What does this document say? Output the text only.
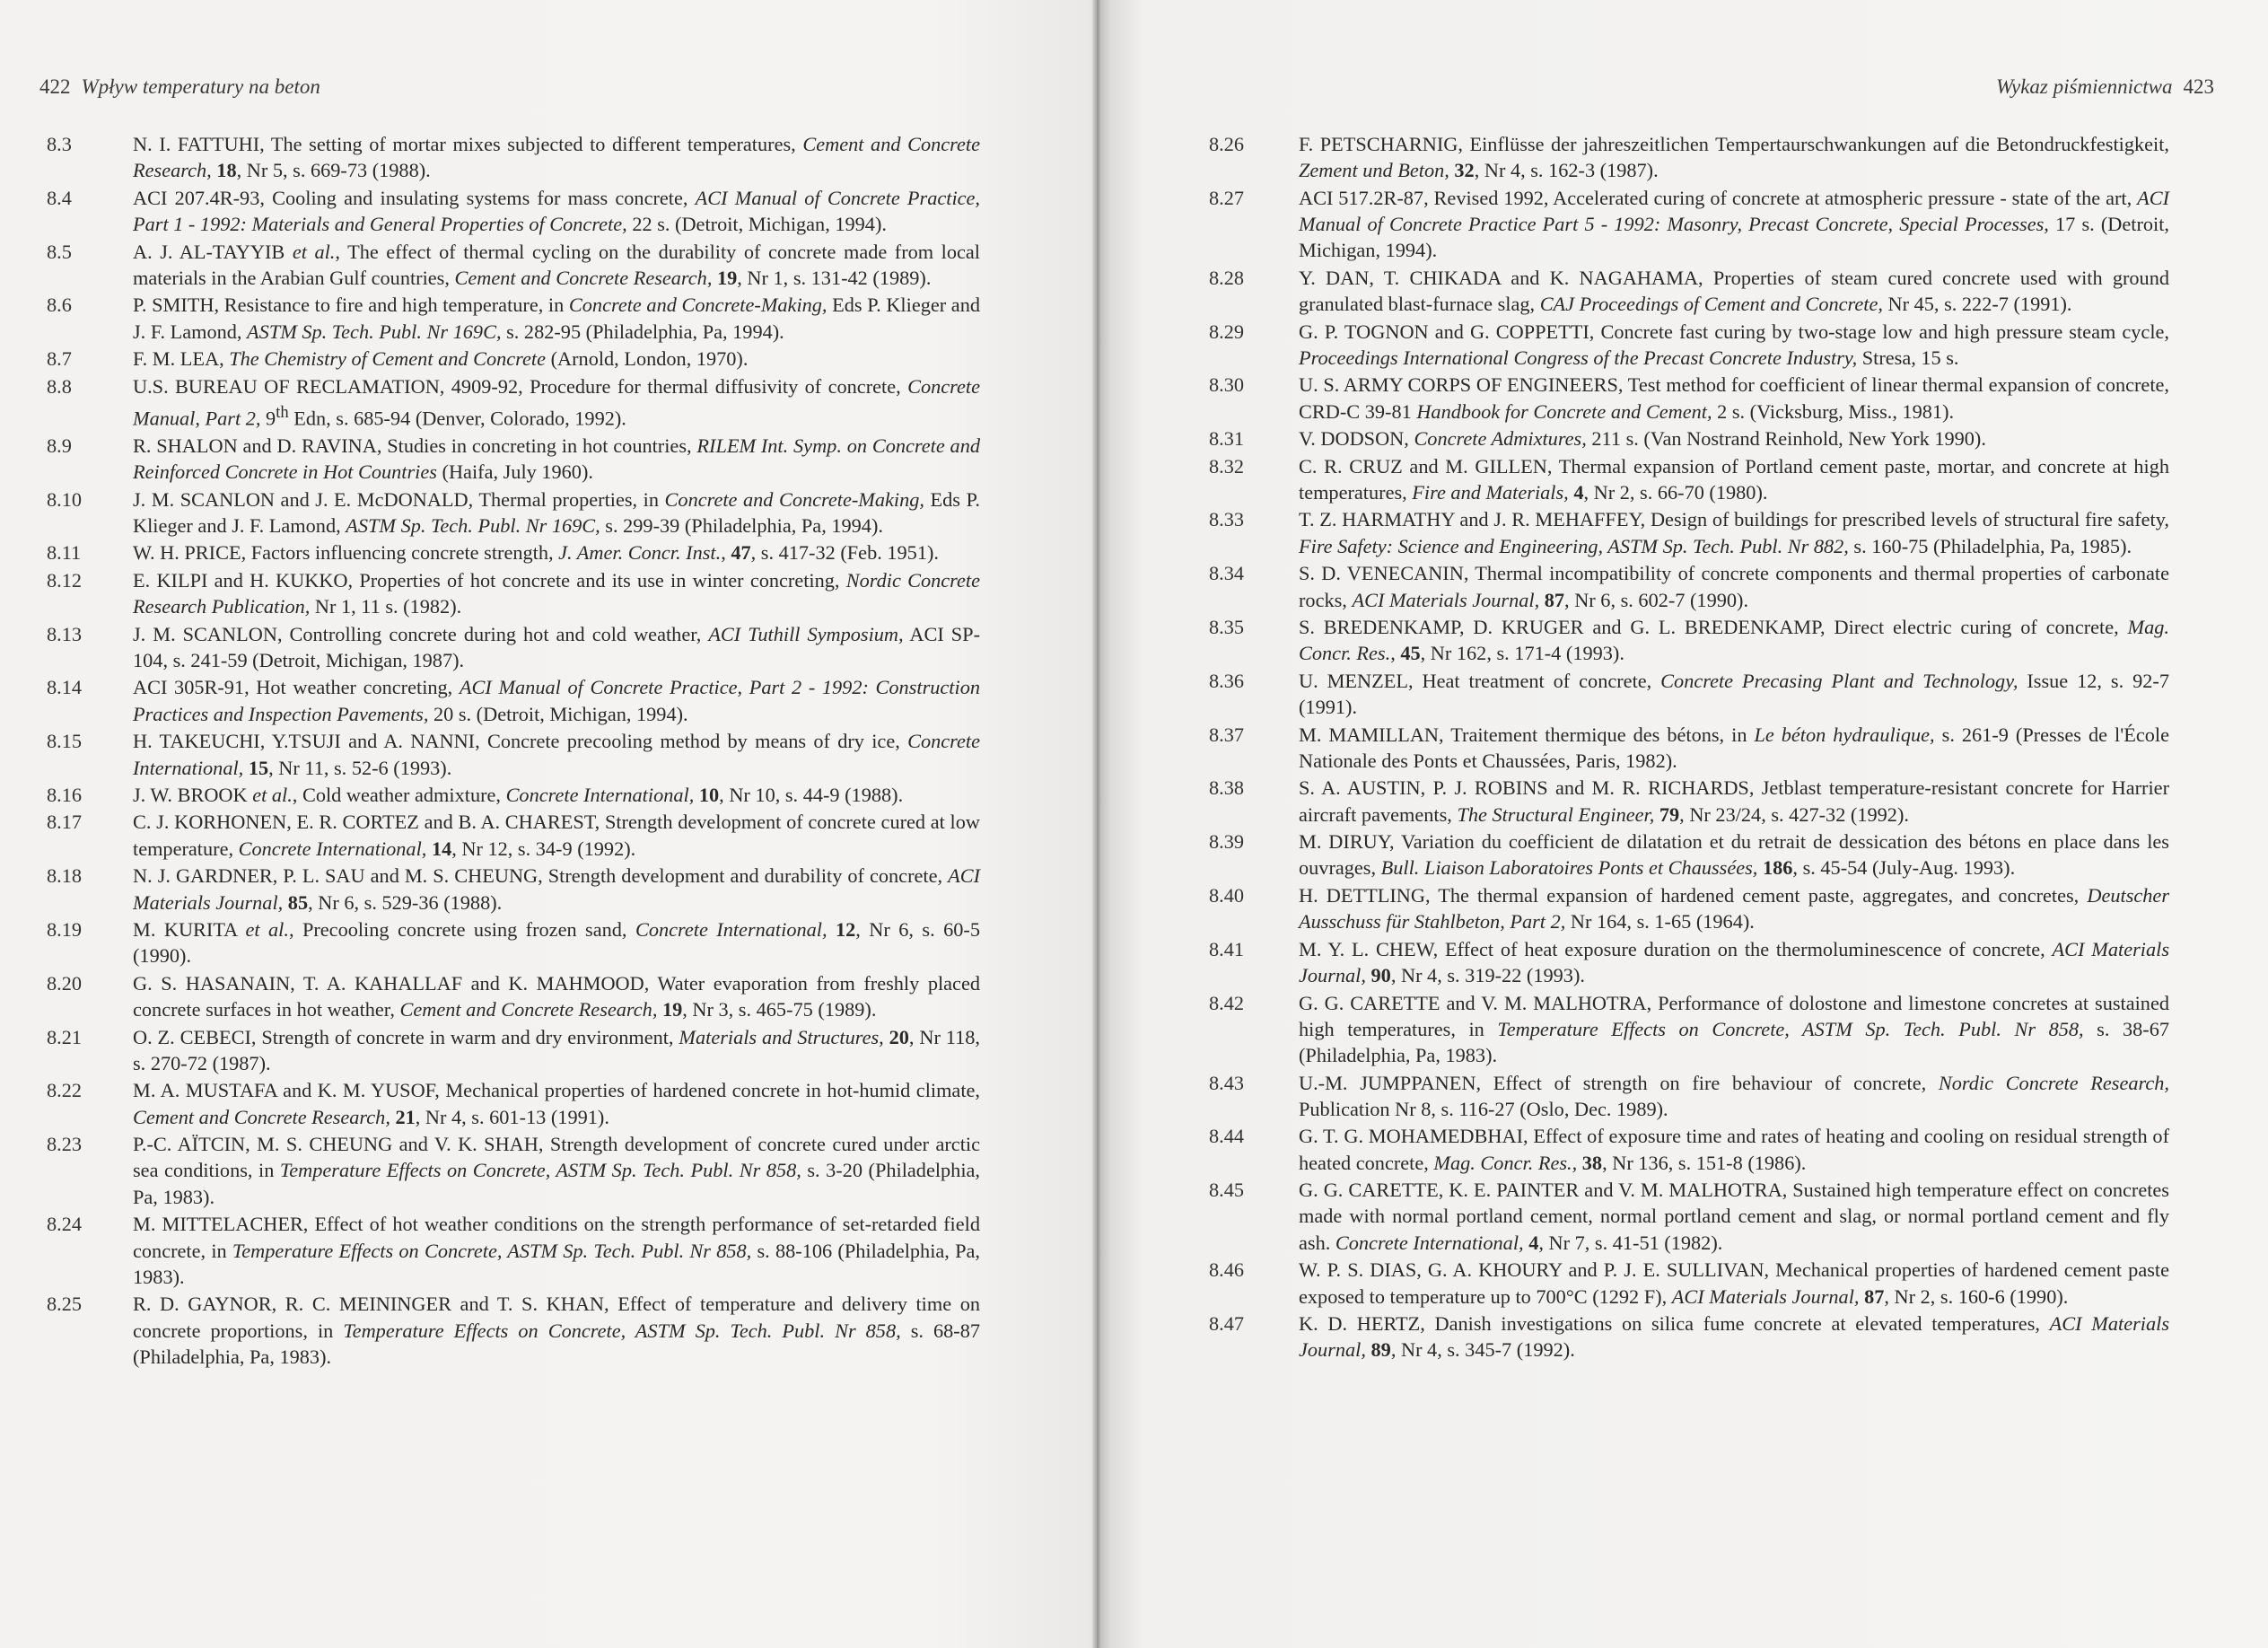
422 Wpływ temperatury na beton
8.3	N. I. FATTUHI, The setting of mortar mixes subjected to different temperatures, Cement and Concrete Research, 18, Nr 5, s. 669-73 (1988).
8.4	ACI 207.4R-93, Cooling and insulating systems for mass concrete, ACI Manual of Concrete Practice, Part 1 - 1992: Materials and General Properties of Concrete, 22 s. (Detroit, Michigan, 1994).
8.5	A. J. AL-TAYYIB et al., The effect of thermal cycling on the durability of concrete made from local materials in the Arabian Gulf countries, Cement and Concrete Research, 19, Nr 1, s. 131-42 (1989).
8.6	P. SMITH, Resistance to fire and high temperature, in Concrete and Concrete-Making, Eds P. Klieger and J. F. Lamond, ASTM Sp. Tech. Publ. Nr 169C, s. 282-95 (Philadelphia, Pa, 1994).
8.7	F. M. LEA, The Chemistry of Cement and Concrete (Arnold, London, 1970).
8.8	U.S. BUREAU OF RECLAMATION, 4909-92, Procedure for thermal diffusivity of concrete, Concrete Manual, Part 2, 9th Edn, s. 685-94 (Denver, Colorado, 1992).
8.9	R. SHALON and D. RAVINA, Studies in concreting in hot countries, RILEM Int. Symp. on Concrete and Reinforced Concrete in Hot Countries (Haifa, July 1960).
8.10	J. M. SCANLON and J. E. McDONALD, Thermal properties, in Concrete and Concrete-Making, Eds P. Klieger and J. F. Lamond, ASTM Sp. Tech. Publ. Nr 169C, s. 299-39 (Philadelphia, Pa, 1994).
8.11	W. H. PRICE, Factors influencing concrete strength, J. Amer. Concr. Inst., 47, s. 417-32 (Feb. 1951).
8.12	E. KILPI and H. KUKKO, Properties of hot concrete and its use in winter concreting, Nordic Concrete Research Publication, Nr 1, 11 s. (1982).
8.13	J. M. SCANLON, Controlling concrete during hot and cold weather, ACI Tuthill Symposium, ACI SP-104, s. 241-59 (Detroit, Michigan, 1987).
8.14	ACI 305R-91, Hot weather concreting, ACI Manual of Concrete Practice, Part 2 - 1992: Construction Practices and Inspection Pavements, 20 s. (Detroit, Michigan, 1994).
8.15	H. TAKEUCHI, Y.TSUJI and A. NANNI, Concrete precooling method by means of dry ice, Concrete International, 15, Nr 11, s. 52-6 (1993).
8.16	J. W. BROOK et al., Cold weather admixture, Concrete International, 10, Nr 10, s. 44-9 (1988).
8.17	C. J. KORHONEN, E. R. CORTEZ and B. A. CHAREST, Strength development of concrete cured at low temperature, Concrete International, 14, Nr 12, s. 34-9 (1992).
8.18	N. J. GARDNER, P. L. SAU and M. S. CHEUNG, Strength development and durability of concrete, ACI Materials Journal, 85, Nr 6, s. 529-36 (1988).
8.19	M. KURITA et al., Precooling concrete using frozen sand, Concrete International, 12, Nr 6, s. 60-5 (1990).
8.20	G. S. HASANAIN, T. A. KAHALLAF and K. MAHMOOD, Water evaporation from freshly placed concrete surfaces in hot weather, Cement and Concrete Research, 19, Nr 3, s. 465-75 (1989).
8.21	O. Z. CEBECI, Strength of concrete in warm and dry environment, Materials and Structures, 20, Nr 118, s. 270-72 (1987).
8.22	M. A. MUSTAFA and K. M. YUSOF, Mechanical properties of hardened concrete in hot-humid climate, Cement and Concrete Research, 21, Nr 4, s. 601-13 (1991).
8.23	P.-C. AÏTCIN, M. S. CHEUNG and V. K. SHAH, Strength development of concrete cured under arctic sea conditions, in Temperature Effects on Concrete, ASTM Sp. Tech. Publ. Nr 858, s. 3-20 (Philadelphia, Pa, 1983).
8.24	M. MITTELACHER, Effect of hot weather conditions on the strength performance of set-retarded field concrete, in Temperature Effects on Concrete, ASTM Sp. Tech. Publ. Nr 858, s. 88-106 (Philadelphia, Pa, 1983).
8.25	R. D. GAYNOR, R. C. MEININGER and T. S. KHAN, Effect of temperature and delivery time on concrete proportions, in Temperature Effects on Concrete, ASTM Sp. Tech. Publ. Nr 858, s. 68-87 (Philadelphia, Pa, 1983).
Wykaz piśmiennictwa 423
8.26	F. PETSCHARNIG, Einflüsse der jahreszeitlichen Tempertaurschwankungen auf die Betondruckfestigkeit, Zement und Beton, 32, Nr 4, s. 162-3 (1987).
8.27	ACI 517.2R-87, Revised 1992, Accelerated curing of concrete at atmospheric pressure - state of the art, ACI Manual of Concrete Practice Part 5 - 1992: Masonry, Precast Concrete, Special Processes, 17 s. (Detroit, Michigan, 1994).
8.28	Y. DAN, T. CHIKADA and K. NAGAHAMA, Properties of steam cured concrete used with ground granulated blast-furnace slag, CAJ Proceedings of Cement and Concrete, Nr 45, s. 222-7 (1991).
8.29	G. P. TOGNON and G. COPPETTI, Concrete fast curing by two-stage low and high pressure steam cycle, Proceedings International Congress of the Precast Concrete Industry, Stresa, 15 s.
8.30	U. S. ARMY CORPS OF ENGINEERS, Test method for coefficient of linear thermal expansion of concrete, CRD-C 39-81 Handbook for Concrete and Cement, 2 s. (Vicksburg, Miss., 1981).
8.31	V. DODSON, Concrete Admixtures, 211 s. (Van Nostrand Reinhold, New York 1990).
8.32	C. R. CRUZ and M. GILLEN, Thermal expansion of Portland cement paste, mortar, and concrete at high temperatures, Fire and Materials, 4, Nr 2, s. 66-70 (1980).
8.33	T. Z. HARMATHY and J. R. MEHAFFEY, Design of buildings for prescribed levels of structural fire safety, Fire Safety: Science and Engineering, ASTM Sp. Tech. Publ. Nr 882, s. 160-75 (Philadelphia, Pa, 1985).
8.34	S. D. VENECANIN, Thermal incompatibility of concrete components and thermal properties of carbonate rocks, ACI Materials Journal, 87, Nr 6, s. 602-7 (1990).
8.35	S. BREDENKAMP, D. KRUGER and G. L. BREDENKAMP, Direct electric curing of concrete, Mag. Concr. Res., 45, Nr 162, s. 171-4 (1993).
8.36	U. MENZEL, Heat treatment of concrete, Concrete Precasing Plant and Technology, Issue 12, s. 92-7 (1991).
8.37	M. MAMILLAN, Traitement thermique des bétons, in Le béton hydraulique, s. 261-9 (Presses de l'École Nationale des Ponts et Chaussées, Paris, 1982).
8.38	S. A. AUSTIN, P. J. ROBINS and M. R. RICHARDS, Jetblast temperature-resistant concrete for Harrier aircraft pavements, The Structural Engineer, 79, Nr 23/24, s. 427-32 (1992).
8.39	M. DIRUY, Variation du coefficient de dilatation et du retrait de dessication des bétons en place dans les ouvrages, Bull. Liaison Laboratoires Ponts et Chaussées, 186, s. 45-54 (July-Aug. 1993).
8.40	H. DETTLING, The thermal expansion of hardened cement paste, aggregates, and concretes, Deutscher Ausschuss für Stahlbeton, Part 2, Nr 164, s. 1-65 (1964).
8.41	M. Y. L. CHEW, Effect of heat exposure duration on the thermoluminescence of concrete, ACI Materials Journal, 90, Nr 4, s. 319-22 (1993).
8.42	G. G. CARETTE and V. M. MALHOTRA, Performance of dolostone and limestone concretes at sustained high temperatures, in Temperature Effects on Concrete, ASTM Sp. Tech. Publ. Nr 858, s. 38-67 (Philadelphia, Pa, 1983).
8.43	U.-M. JUMPPANEN, Effect of strength on fire behaviour of concrete, Nordic Concrete Research, Publication Nr 8, s. 116-27 (Oslo, Dec. 1989).
8.44	G. T. G. MOHAMEDBHAI, Effect of exposure time and rates of heating and cooling on residual strength of heated concrete, Mag. Concr. Res., 38, Nr 136, s. 151-8 (1986).
8.45	G. G. CARETTE, K. E. PAINTER and V. M. MALHOTRA, Sustained high temperature effect on concretes made with normal portland cement, normal portland cement and slag, or normal portland cement and fly ash. Concrete International, 4, Nr 7, s. 41-51 (1982).
8.46	W. P. S. DIAS, G. A. KHOURY and P. J. E. SULLIVAN, Mechanical properties of hardened cement paste exposed to temperature up to 700°C (1292 F), ACI Materials Journal, 87, Nr 2, s. 160-6 (1990).
8.47	K. D. HERTZ, Danish investigations on silica fume concrete at elevated temperatures, ACI Materials Journal, 89, Nr 4, s. 345-7 (1992).
